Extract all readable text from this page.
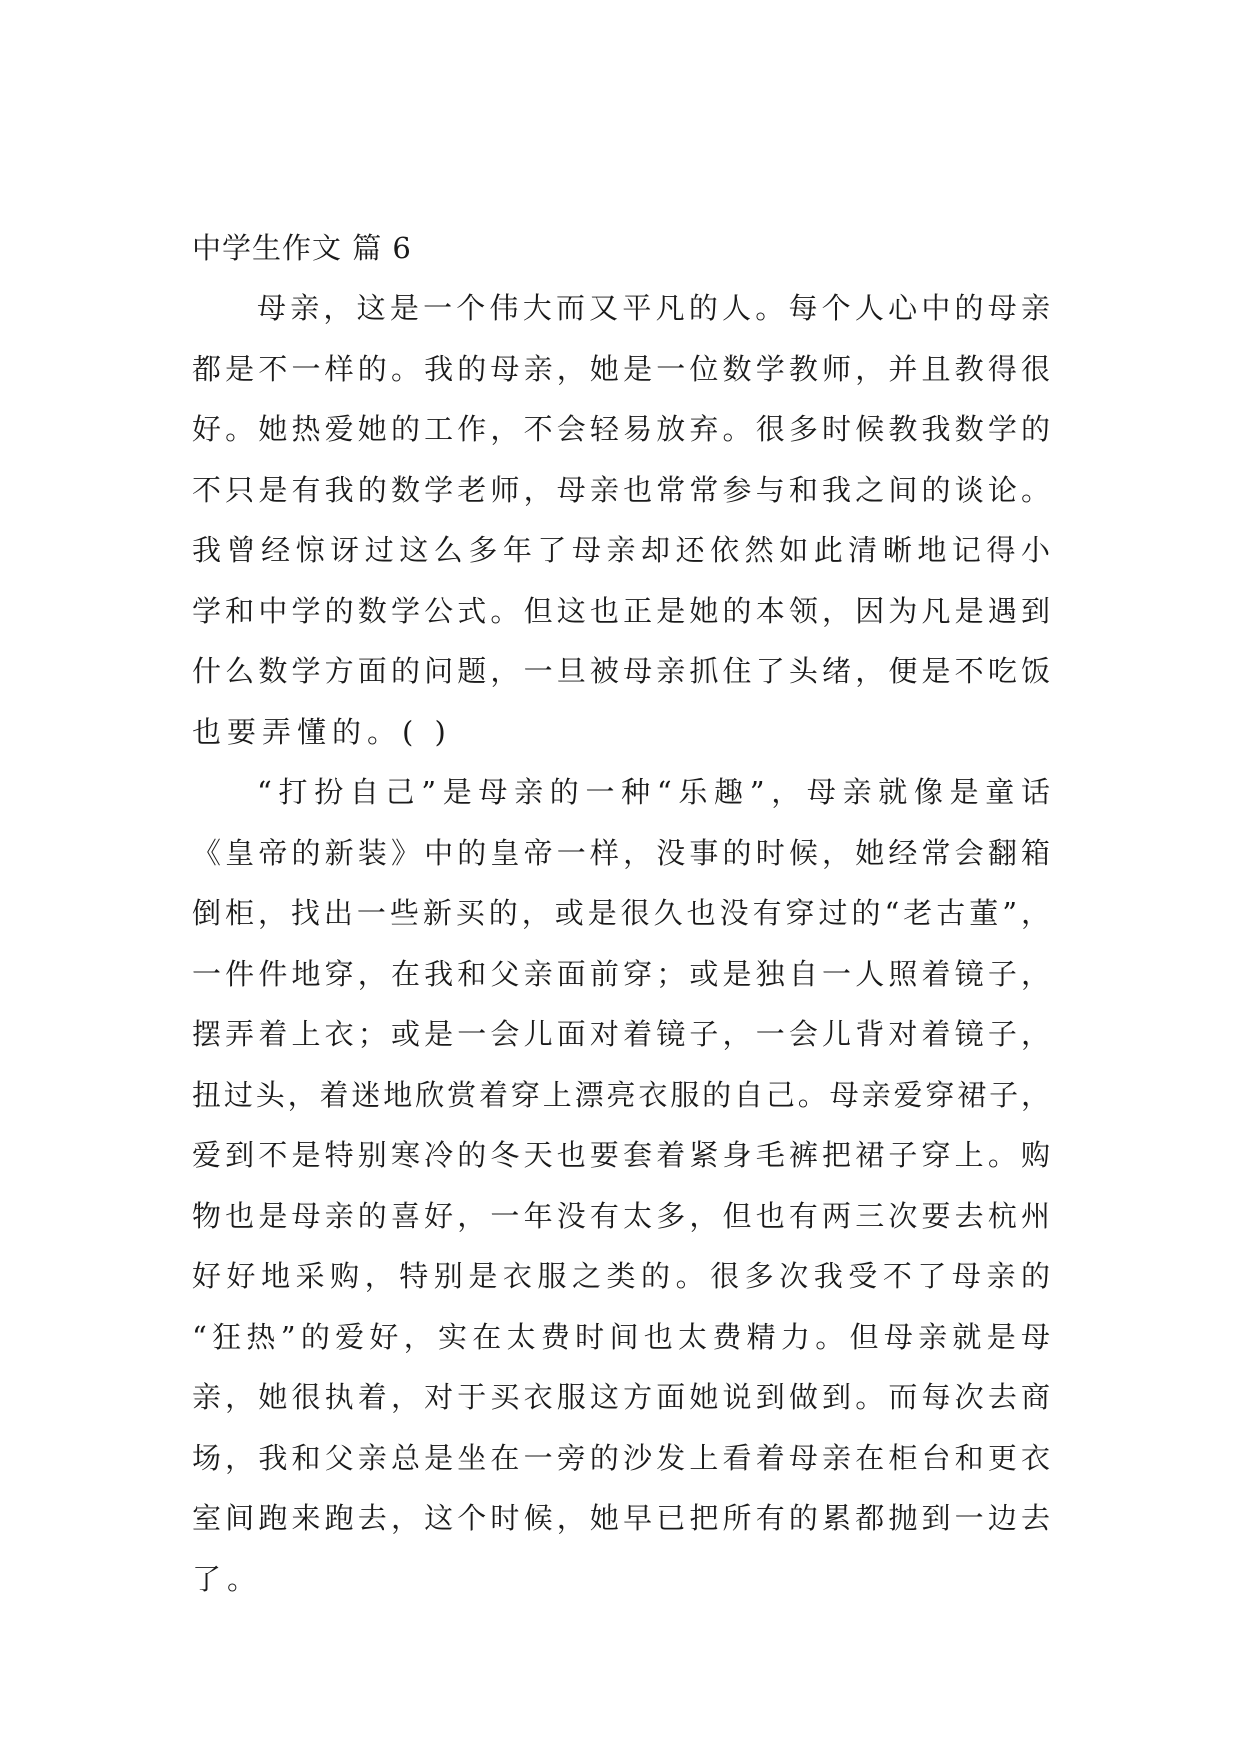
中学生作文 篇 6
母亲，这是一个伟大而又平凡的人。每个人心中的母亲
都是不一样的。我的母亲，她是一位数学教师，并且教得很
好。她热爱她的工作，不会轻易放弃。很多时候教我数学的
不只是有我的数学老师，母亲也常常参与和我之间的谈论。
我曾经惊讶过这么多年了母亲却还依然如此清晰地记得小
学和中学的数学公式。但这也正是她的本领，因为凡是遇到
什么数学方面的问题，一旦被母亲抓住了头绪，便是不吃饭
也要弄懂的。( )
“打扮自己”是母亲的一种“乐趣”，母亲就像是童话
《皇帝的新装》中的皇帝一样，没事的时候，她经常会翻箱
倒柜，找出一些新买的，或是很久也没有穿过的“老古董”，
一件件地穿，在我和父亲面前穿；或是独自一人照着镜子，
摆弄着上衣；或是一会儿面对着镜子，一会儿背对着镜子，
扭过头，着迷地欣赏着穿上漂亮衣服的自己。母亲爱穿裙子，
爱到不是特别寒冷的冬天也要套着紧身毛裤把裙子穿上。购
物也是母亲的喜好，一年没有太多，但也有两三次要去杭州
好好地采购，特别是衣服之类的。很多次我受不了母亲的
“狂热”的爱好，实在太费时间也太费精力。但母亲就是母
亲，她很执着，对于买衣服这方面她说到做到。而每次去商
场，我和父亲总是坐在一旁的沙发上看着母亲在柜台和更衣
室间跑来跑去，这个时候，她早已把所有的累都抛到一边去
了。
